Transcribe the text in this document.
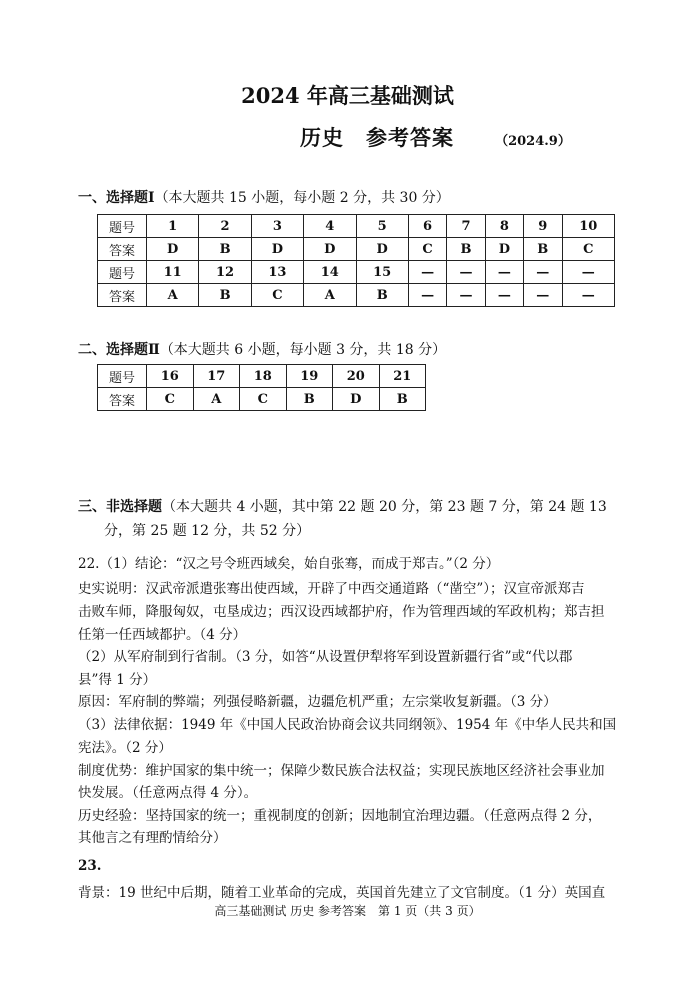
2024 年高三基础测试
历史　参考答案	（2024.9）
一、选择题Ⅰ（本大题共 15 小题，每小题 2 分，共 30 分）
题号	1	2	3	4	5	6	7	8	9	10
答案	D	B	D	D	D	C	B	D	B	C
题号	11	12	13	14	15	—	—	—	—	—
答案	A	B	C	A	B	—	—	—	—	—
二、选择题Ⅱ（本大题共 6 小题，每小题 3 分，共 18 分）
题号	16	17	18	19	20	21
答案	C	A	C	B	D	B
三、非选择题（本大题共 4 小题，其中第 22 题 20 分，第 23 题 7 分，第 24 题 13
分，第 25 题 12 分，共 52 分）
22.（1）结论：“汉之号令班西域矣，始自张骞，而成于郑吉。”（2 分）
史实说明：汉武帝派遣张骞出使西域，开辟了中西交通道路（“凿空”）；汉宣帝派郑吉
击败车师，降服匈奴，屯垦成边；西汉设西域都护府，作为管理西域的军政机构；郑吉担
任第一任西域都护。（4 分）
（2）从军府制到行省制。（3 分，如答“从设置伊犁将军到设置新疆行省”或“代以郡
县”得 1 分）
原因：军府制的弊端；列强侵略新疆，边疆危机严重；左宗棠收复新疆。（3 分）
（3）法律依据：1949 年《中国人民政治协商会议共同纲领》、1954 年《中华人民共和国
宪法》。（2 分）
制度优势：维护国家的集中统一；保障少数民族合法权益；实现民族地区经济社会事业加
快发展。（任意两点得 4 分）。
历史经验：坚持国家的统一；重视制度的创新；因地制宜治理边疆。（任意两点得 2 分，
其他言之有理酌情给分）
23.
背景：19 世纪中后期，随着工业革命的完成，英国首先建立了文官制度。（1 分）英国直
高三基础测试 历史 参考答案　第 1 页（共 3 页）
